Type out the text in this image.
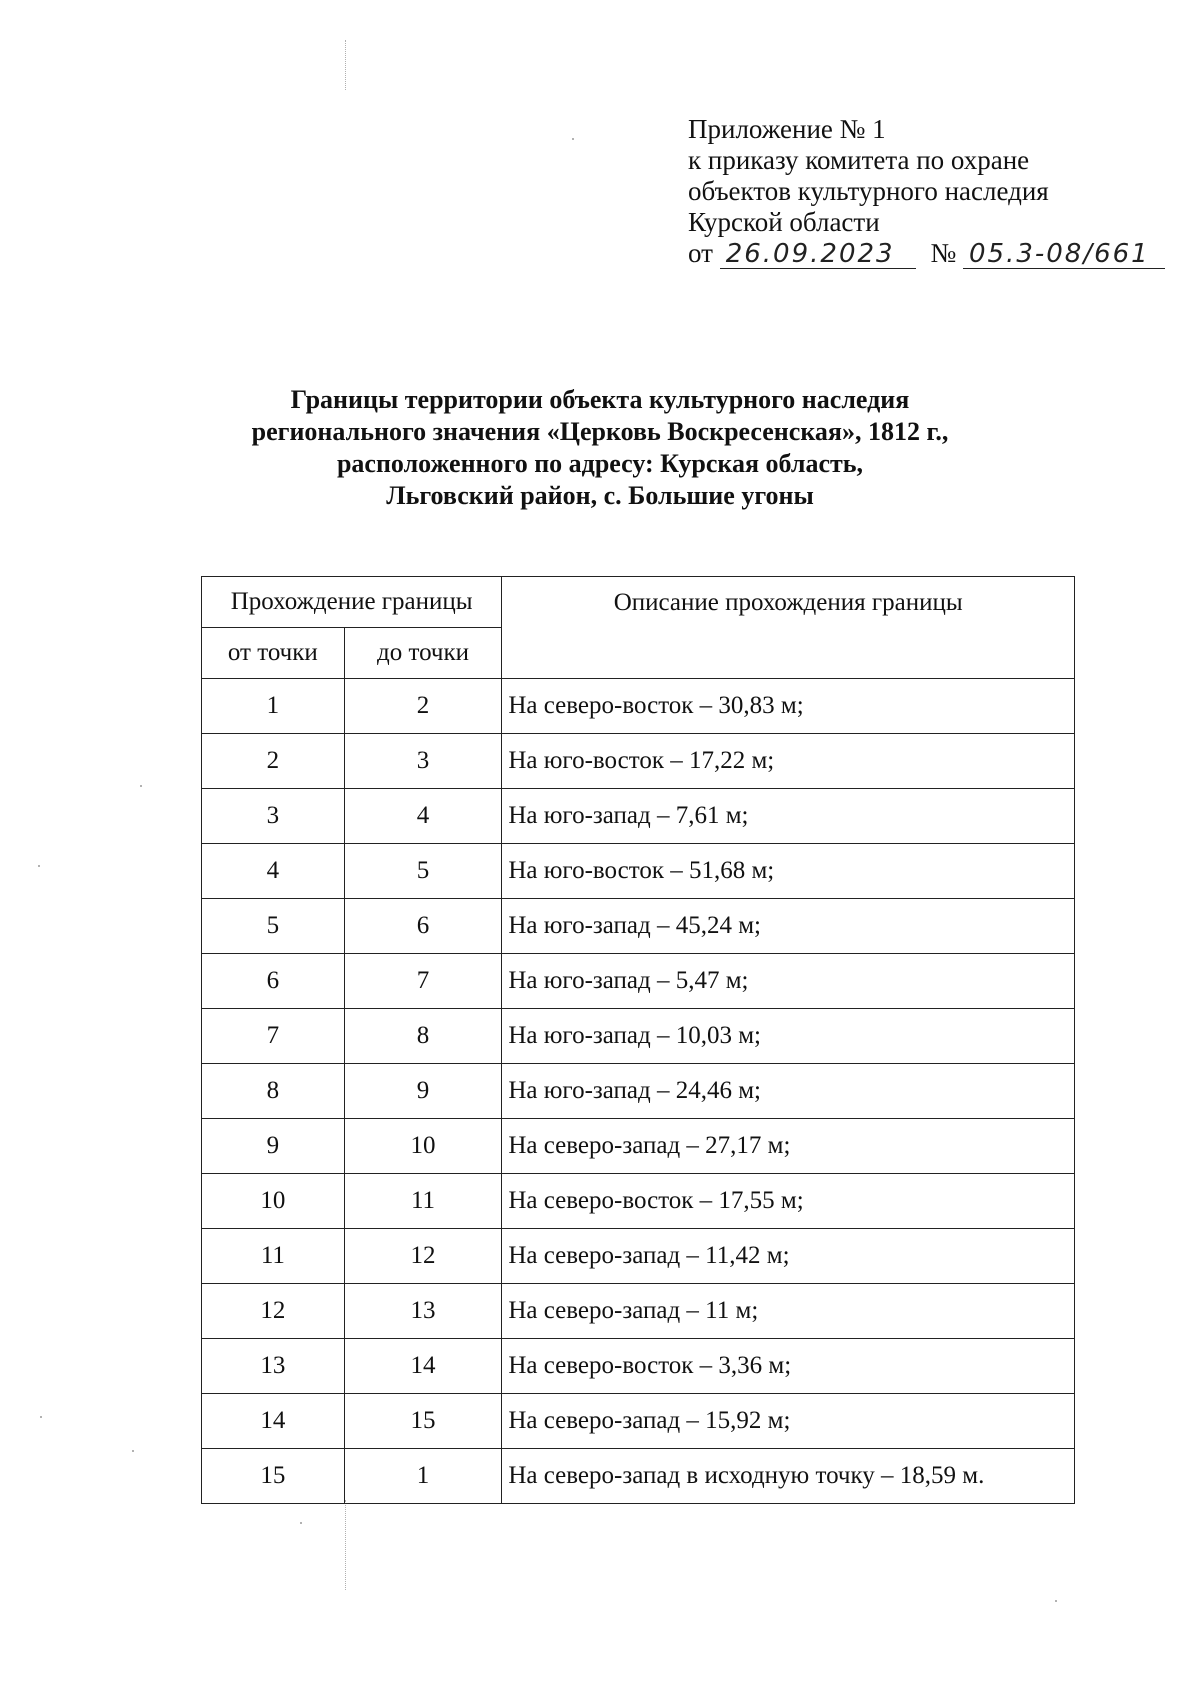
Приложение № 1
к приказу комитета по охране
объектов культурного наследия
Курской области
от 26.09.2023 № 05.3-08/661
Границы территории объекта культурного наследия
регионального значения «Церковь Воскресенская», 1812 г.,
расположенного по адресу: Курская область,
Льговский район, с. Большие угоны
Прохождение границы		Описание прохождения границы
от точки	до точки	
1	2	На северо-восток – 30,83 м;
2	3	На юго-восток – 17,22 м;
3	4	На юго-запад – 7,61 м;
4	5	На юго-восток – 51,68 м;
5	6	На юго-запад – 45,24 м;
6	7	На юго-запад – 5,47 м;
7	8	На юго-запад – 10,03 м;
8	9	На юго-запад – 24,46 м;
9	10	На северо-запад – 27,17 м;
10	11	На северо-восток – 17,55 м;
11	12	На северо-запад – 11,42 м;
12	13	На северо-запад – 11 м;
13	14	На северо-восток – 3,36 м;
14	15	На северо-запад – 15,92 м;
15	1	На северо-запад в исходную точку – 18,59 м.
